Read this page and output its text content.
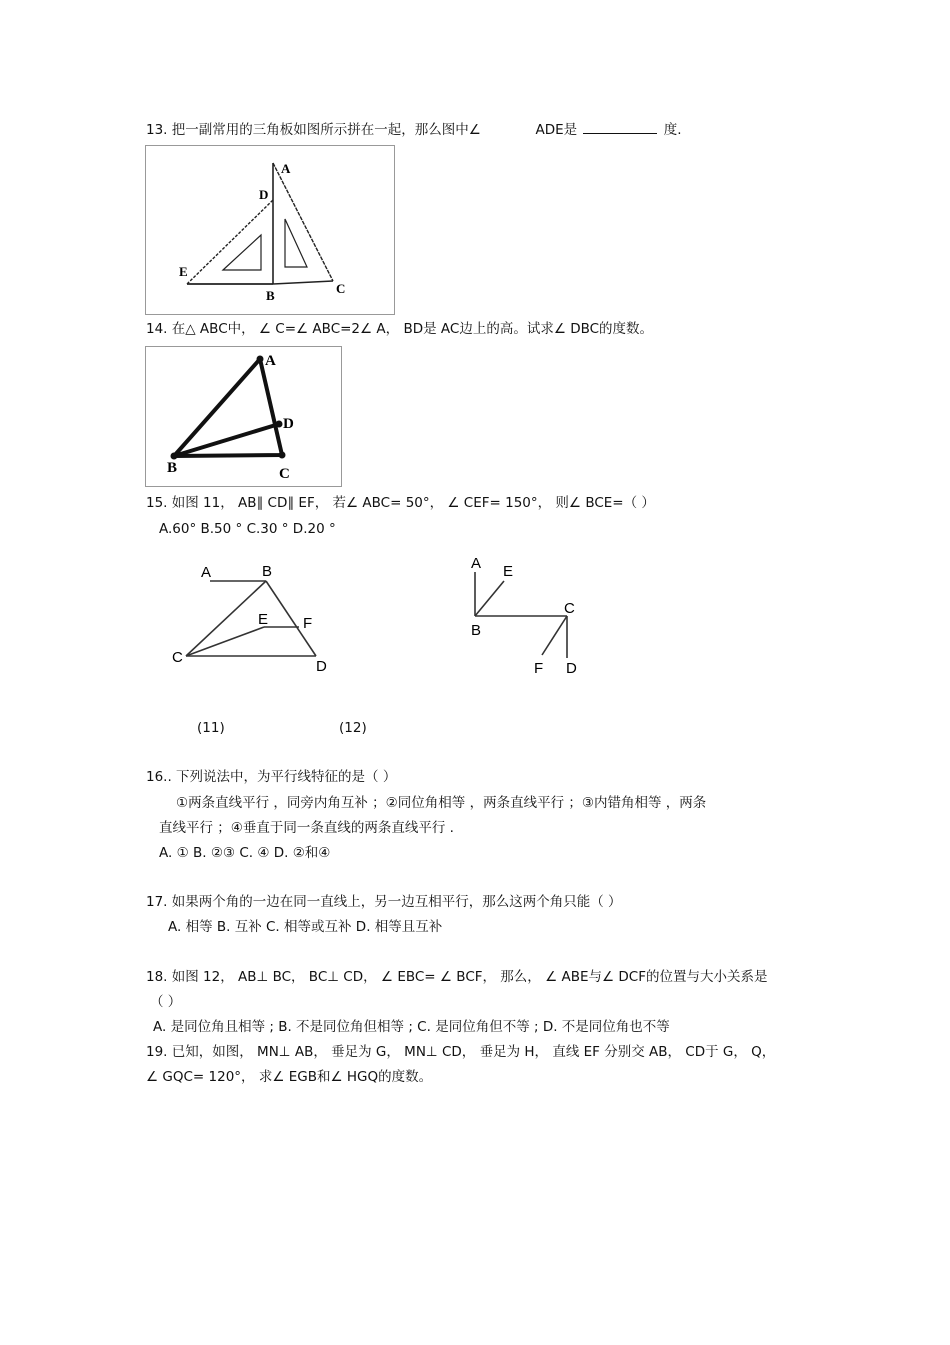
13. 把一副常用的三角板如图所示拼在一起，那么图中∠	ADE是	度.
A
D
E
B	C
14. 在△ ABC中， ∠ C=∠ ABC=2∠ A， BD是 AC边上的高。试求∠ DBC的度数。
A
D
B	C
15. 如图 11， AB∥ CD∥ EF， 若∠ ABC= 50°， ∠ CEF= 150°， 则∠ BCE=（ ）
A.60° B.50 ° C.30 ° D.20 °
A	B
E F
C
D
A E
C
B
F D
(11)	(12)
16.. 下列说法中，为平行线特征的是（ ）
①两条直线平行 ，同旁内角互补 ；②同位角相等 ，两条直线平行 ；③内错角相等 ，两条
直线平行 ；④垂直于同一条直线的两条直线平行 .
A. ① B. ②③ C. ④ D. ②和④
17. 如果两个角的一边在同一直线上，另一边互相平行，那么这两个角只能（ ）
A. 相等 B. 互补 C. 相等或互补 D. 相等且互补
18. 如图 12， AB⊥ BC， BC⊥ CD， ∠ EBC= ∠ BCF， 那么， ∠ ABE与∠ DCF的位置与大小关系是
（ ）
A. 是同位角且相等 ; B. 不是同位角但相等 ; C. 是同位角但不等 ; D. 不是同位角也不等
19. 已知，如图， MN⊥ AB， 垂足为 G， MN⊥ CD， 垂足为 H， 直线 EF 分别交 AB， CD于 G， Q，
∠ GQC= 120°， 求∠ EGB和∠ HGQ的度数。
